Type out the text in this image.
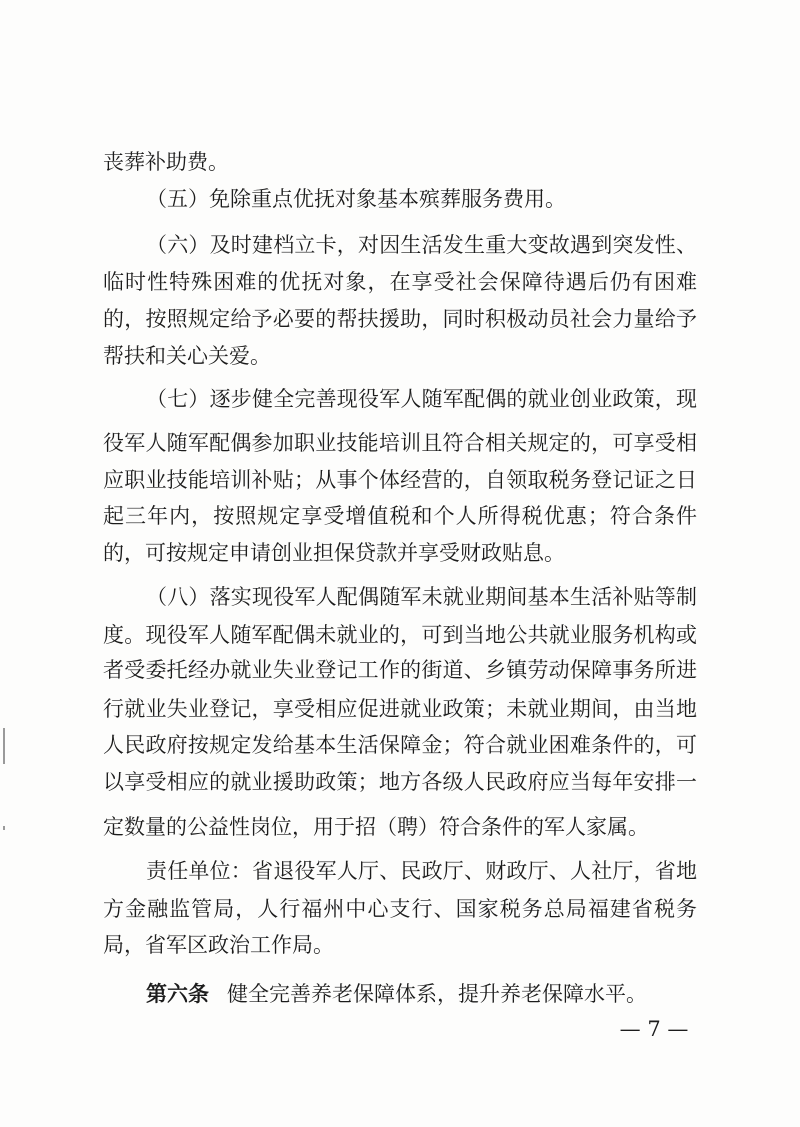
丧葬补助费。
（五）免除重点优抚对象基本殡葬服务费用。
（六）及时建档立卡，对因生活发生重大变故遇到突发性、
临时性特殊困难的优抚对象，在享受社会保障待遇后仍有困难
的，按照规定给予必要的帮扶援助，同时积极动员社会力量给予
帮扶和关心关爱。
（七）逐步健全完善现役军人随军配偶的就业创业政策，现
役军人随军配偶参加职业技能培训且符合相关规定的，可享受相
应职业技能培训补贴；从事个体经营的，自领取税务登记证之日
起三年内，按照规定享受增值税和个人所得税优惠；符合条件
的，可按规定申请创业担保贷款并享受财政贴息。
（八）落实现役军人配偶随军未就业期间基本生活补贴等制
度。现役军人随军配偶未就业的，可到当地公共就业服务机构或
者受委托经办就业失业登记工作的街道、乡镇劳动保障事务所进
行就业失业登记，享受相应促进就业政策；未就业期间，由当地
人民政府按规定发给基本生活保障金；符合就业困难条件的，可
以享受相应的就业援助政策；地方各级人民政府应当每年安排一
定数量的公益性岗位，用于招（聘）符合条件的军人家属。
责任单位：省退役军人厅、民政厅、财政厅、人社厅，省地
方金融监管局，人行福州中心支行、国家税务总局福建省税务
局，省军区政治工作局。
第六条 健全完善养老保障体系，提升养老保障水平。
— 7 —
